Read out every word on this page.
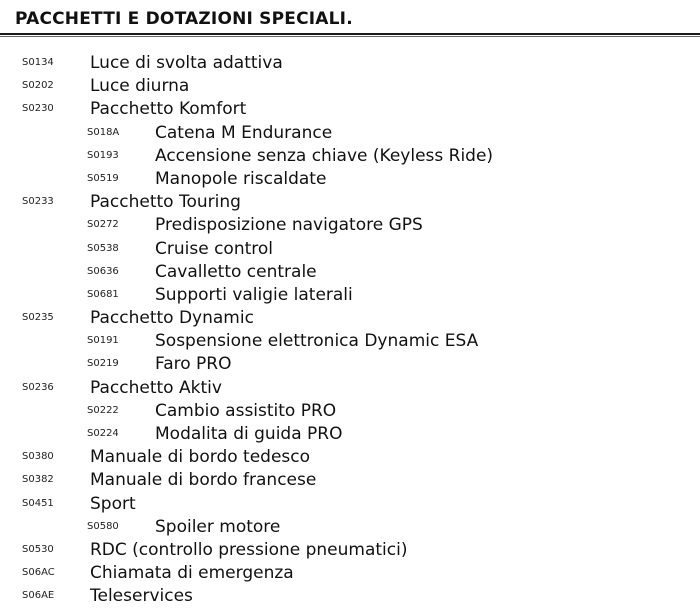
PACCHETTI E DOTAZIONI SPECIALI.
S0134 Luce di svolta adattiva
S0202 Luce diurna
S0230 Pacchetto Komfort
S018A Catena M Endurance
S0193 Accensione senza chiave (Keyless Ride)
S0519 Manopole riscaldate
S0233 Pacchetto Touring
S0272 Predisposizione navigatore GPS
S0538 Cruise control
S0636 Cavalletto centrale
S0681 Supporti valigie laterali
S0235 Pacchetto Dynamic
S0191 Sospensione elettronica Dynamic ESA
S0219 Faro PRO
S0236 Pacchetto Aktiv
S0222 Cambio assistito PRO
S0224 Modalita di guida PRO
S0380 Manuale di bordo tedesco
S0382 Manuale di bordo francese
S0451 Sport
S0580 Spoiler motore
S0530 RDC (controllo pressione pneumatici)
S06AC Chiamata di emergenza
S06AE Teleservices
